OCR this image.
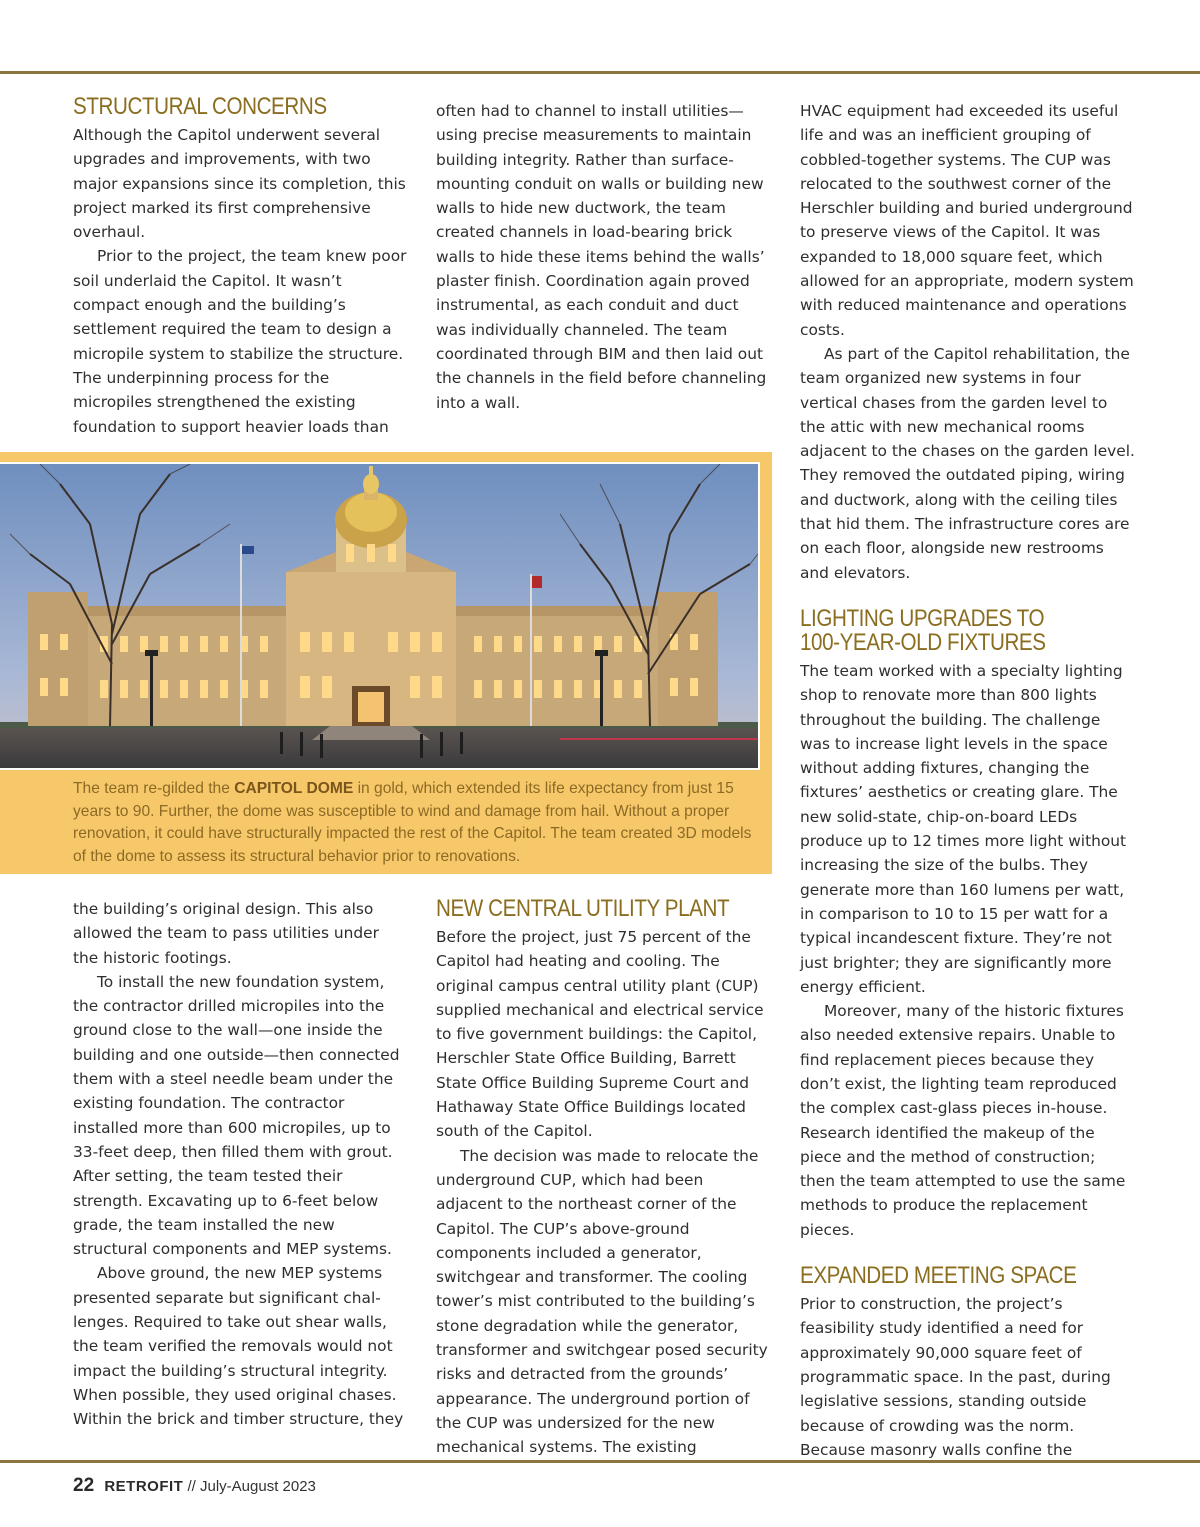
STRUCTURAL CONCERNS

Although the Capitol underwent several upgrades and improvements, with two major expansions since its completion, this project marked its first comprehensive overhaul.

Prior to the project, the team knew poor soil underlaid the Capitol. It wasn’t compact enough and the building’s settlement required the team to design a micropile system to stabilize the structure. The underpinning process for the micropiles strengthened the existing foundation to support heavier loads than

often had to channel to install utilities—using precise measurements to maintain building integrity. Rather than surface-mounting conduit on walls or building new walls to hide new ductwork, the team created channels in load-bearing brick walls to hide these items behind the walls’ plaster finish. Coordination again proved instrumental, as each conduit and duct was individually channeled. The team coordinated through BIM and then laid out the channels in the field before channeling into a wall.

HVAC equipment had exceeded its useful life and was an inefficient grouping of cobbled-together systems. The CUP was relocated to the southwest corner of the Herschler building and buried underground to preserve views of the Capitol. It was expanded to 18,000 square feet, which allowed for an appropriate, modern system with reduced maintenance and operations costs.

As part of the Capitol rehabilitation, the team organized new systems in four vertical chases from the garden level to the attic with new mechanical rooms adjacent to the chases on the garden level. They removed the outdated piping, wiring and ductwork, along with the ceiling tiles that hid them. The infrastructure cores are on each floor, alongside new restrooms and elevators.

LIGHTING UPGRADES TO
100-YEAR-OLD FIXTURES

The team worked with a specialty lighting shop to renovate more than 800 lights throughout the building. The challenge was to increase light levels in the space without adding fixtures, changing the fixtures’ aesthetics or creating glare. The new solid-state, chip-on-board LEDs produce up to 12 times more light without increasing the size of the bulbs. They generate more than 160 lumens per watt, in comparison to 10 to 15 per watt for a typical incandescent fixture. They’re not just brighter; they are significantly more energy efficient.

Moreover, many of the historic fixtures also needed extensive repairs. Unable to find replacement pieces because they don’t exist, the lighting team reproduced the complex cast-glass pieces in-house. Research identified the makeup of the piece and the method of construction; then the team attempted to use the same methods to produce the replacement pieces.

EXPANDED MEETING SPACE

Prior to construction, the project’s feasibility study identified a need for approximately 90,000 square feet of programmatic space. In the past, during legislative sessions, standing outside because of crowding was the norm. Because masonry walls confine the

The team re-gilded the CAPITOL DOME in gold, which extended its life expectancy from just 15 years to 90. Further, the dome was susceptible to wind and damage from hail. Without a proper renovation, it could have structurally impacted the rest of the Capitol. The team created 3D models of the dome to assess its structural behavior prior to renovations.

the building’s original design. This also allowed the team to pass utilities under the historic footings.

To install the new foundation system, the contractor drilled micropiles into the ground close to the wall—one inside the building and one outside—then connected them with a steel needle beam under the existing foundation. The contractor installed more than 600 micropiles, up to 33-feet deep, then filled them with grout. After setting, the team tested their strength. Excavating up to 6-feet below grade, the team installed the new structural components and MEP systems.

Above ground, the new MEP systems presented separate but significant challenges. Required to take out shear walls, the team verified the removals would not impact the building’s structural integrity. When possible, they used original chases. Within the brick and timber structure, they

NEW CENTRAL UTILITY PLANT

Before the project, just 75 percent of the Capitol had heating and cooling. The original campus central utility plant (CUP) supplied mechanical and electrical service to five government buildings: the Capitol, Herschler State Office Building, Barrett State Office Building Supreme Court and Hathaway State Office Buildings located south of the Capitol.

The decision was made to relocate the underground CUP, which had been adjacent to the northeast corner of the Capitol. The CUP’s above-ground components included a generator, switchgear and transformer. The cooling tower’s mist contributed to the building’s stone degradation while the generator, transformer and switchgear posed security risks and detracted from the grounds’ appearance. The underground portion of the CUP was undersized for the new mechanical systems. The existing

22 RETROFIT // July-August 2023
